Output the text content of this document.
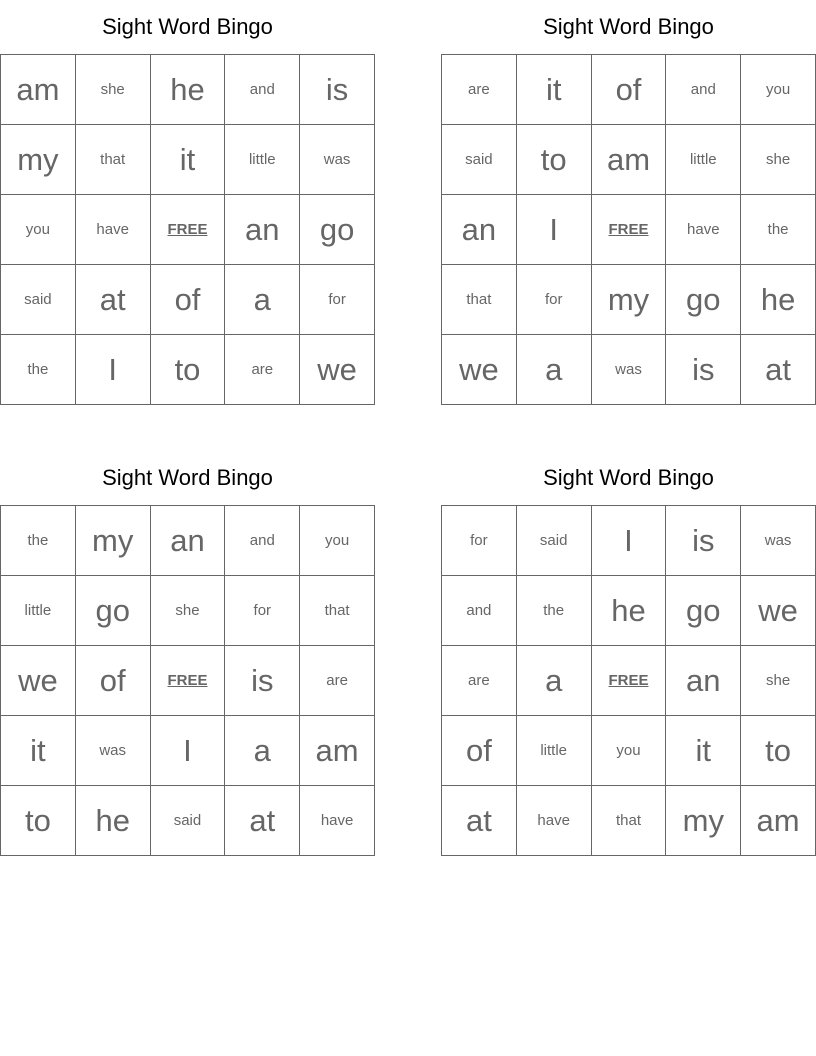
Sight Word Bingo
am	she	he	and	is
my	that	it	little	was
you	have	FREE	an	go
said	at	of	a	for
the	I	to	are	we
Sight Word Bingo
are	it	of	and	you
said	to	am	little	she
an	I	FREE	have	the
that	for	my	go	he
we	a	was	is	at
Sight Word Bingo
the	my	an	and	you
little	go	she	for	that
we	of	FREE	is	are
it	was	I	a	am
to	he	said	at	have
Sight Word Bingo
for	said	I	is	was
and	the	he	go	we
are	a	FREE	an	she
of	little	you	it	to
at	have	that	my	am
